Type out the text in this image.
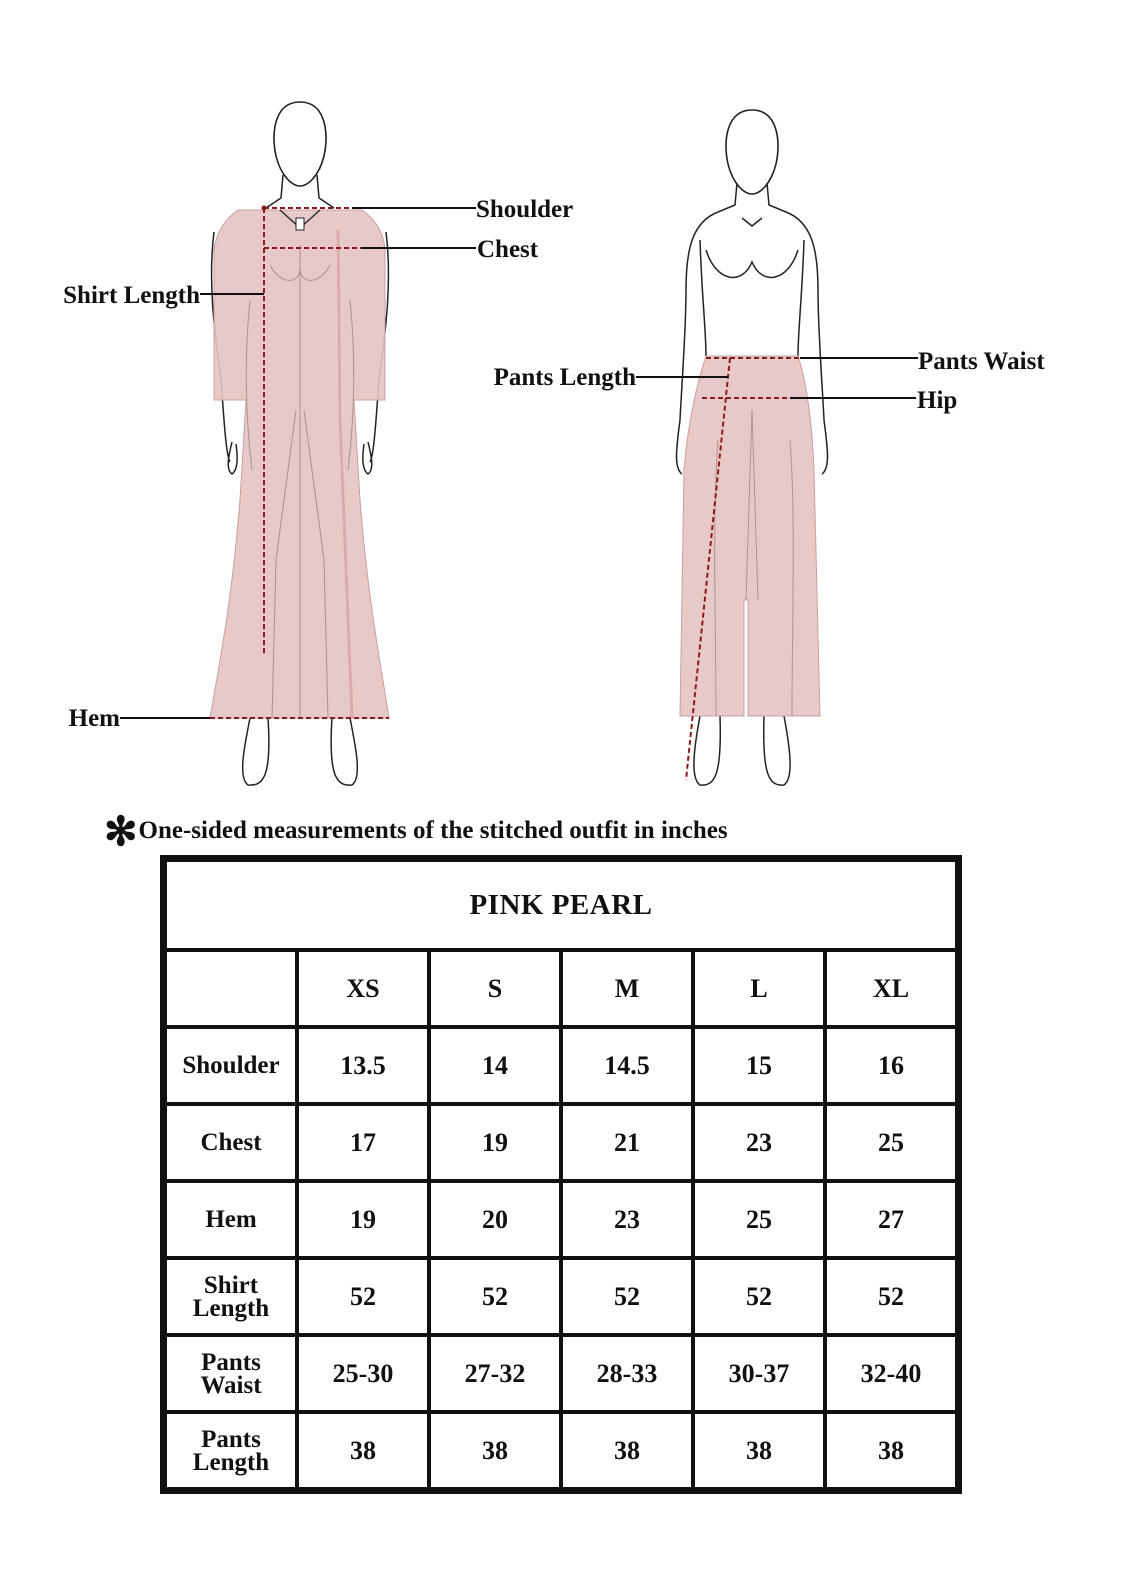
Shoulder
Chest
Shirt Length
Hem
Pants Waist
Hip
Pants Length
✻One-sided measurements of the stitched outfit in inches
PINK PEARL					
	XS	S	M	L	XL

Shoulder	13.5	14	14.5	15	16

Chest	17	19	21	23	25

Hem	19	20	23	25	27

Shirt
Length	52	52	52	52	52

Pants
Waist	25-30	27-32	28-33	30-37	32-40

Pants
Length	38	38	38	38	38
